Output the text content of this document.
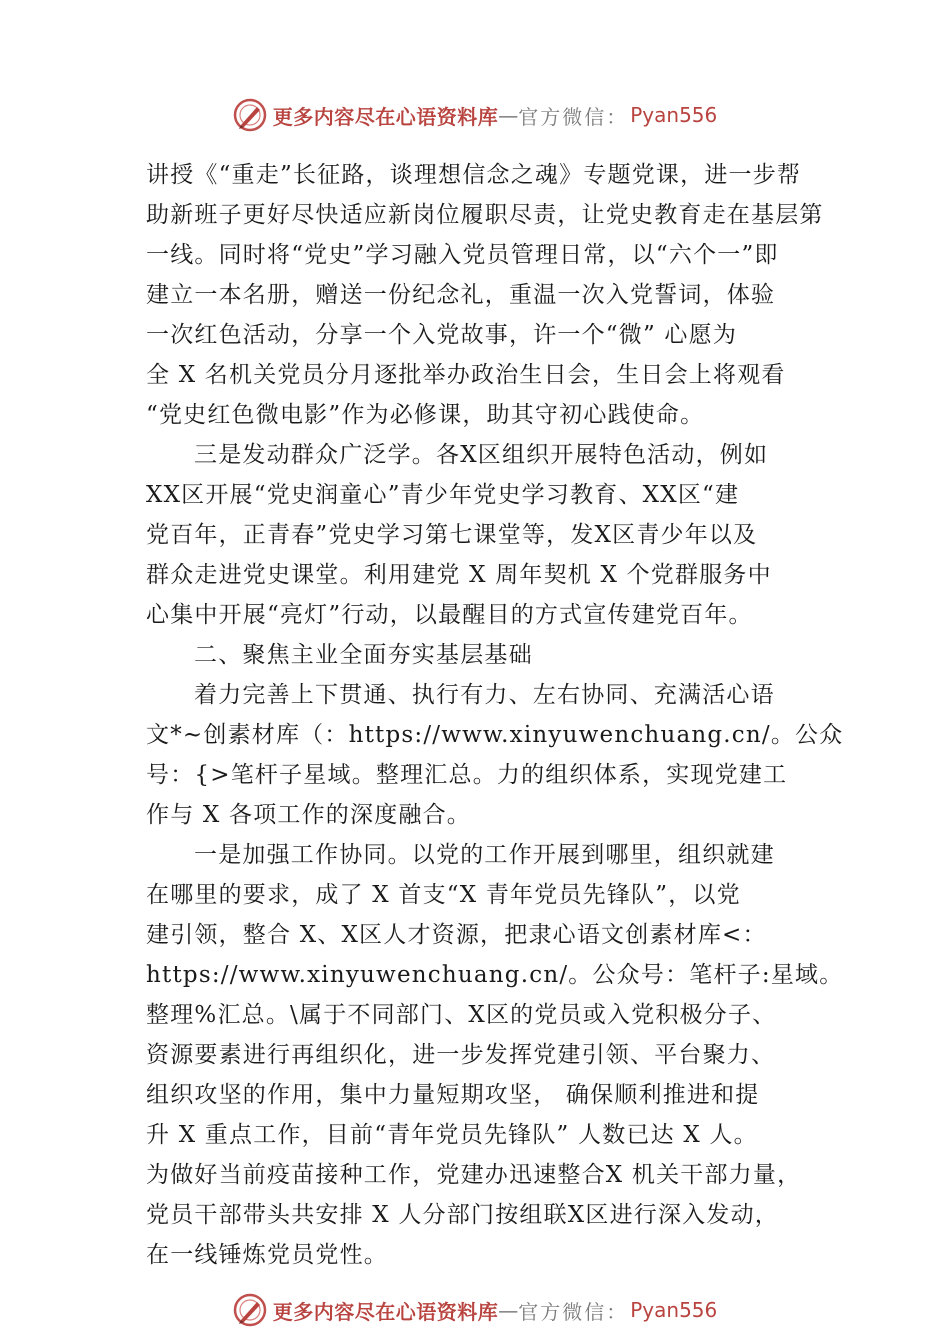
更多内容尽在心语资料库 — 官方微信： Pyan556
讲授《“重走”长征路，谈理想信念之魂》专题党课，进一步帮
助新班子更好尽快适应新岗位履职尽责，让党史教育走在基层第
一线。同时将“党史”学习融入党员管理日常，以“六个一”即
建立一本名册，赠送一份纪念礼，重温一次入党誓词，体验
一次红色活动，分享一个入党故事，许一个“微” 心愿为
全 X 名机关党员分月逐批举办政治生日会，生日会上将观看
“党史红色微电影”作为必修课，助其守初心践使命。
三是发动群众广泛学。各X区组织开展特色活动，例如
XX区开展“党史润童心”青少年党史学习教育、XX区“建
党百年，正青春”党史学习第七课堂等，发X区青少年以及
群众走进党史课堂。利用建党 X 周年契机 X 个党群服务中
心集中开展“亮灯”行动，以最醒目的方式宣传建党百年。
二、聚焦主业全面夯实基层基础
着力完善上下贯通、执行有力、左右协同、充满活心语
文*~创素材库（：https://www.xinyuwenchuang.cn/。公众
号：{>笔杆子星域。整理汇总。力的组织体系，实现党建工
作与 X 各项工作的深度融合。
一是加强工作协同。以党的工作开展到哪里，组织就建
在哪里的要求，成了 X 首支“X 青年党员先锋队”，以党
建引领，整合 X、X区人才资源，把隶心语文创素材库<：
https://www.xinyuwenchuang.cn/。公众号：笔杆子:星域。
整理%汇总。\属于不同部门、X区的党员或入党积极分子、
资源要素进行再组织化，进一步发挥党建引领、平台聚力、
组织攻坚的作用，集中力量短期攻坚， 确保顺利推进和提
升 X 重点工作，目前“青年党员先锋队” 人数已达 X 人。
为做好当前疫苗接种工作，党建办迅速整合X 机关干部力量，
党员干部带头共安排 X 人分部门按组联X区进行深入发动，
在一线锤炼党员党性。
更多内容尽在心语资料库 — 官方微信： Pyan556
